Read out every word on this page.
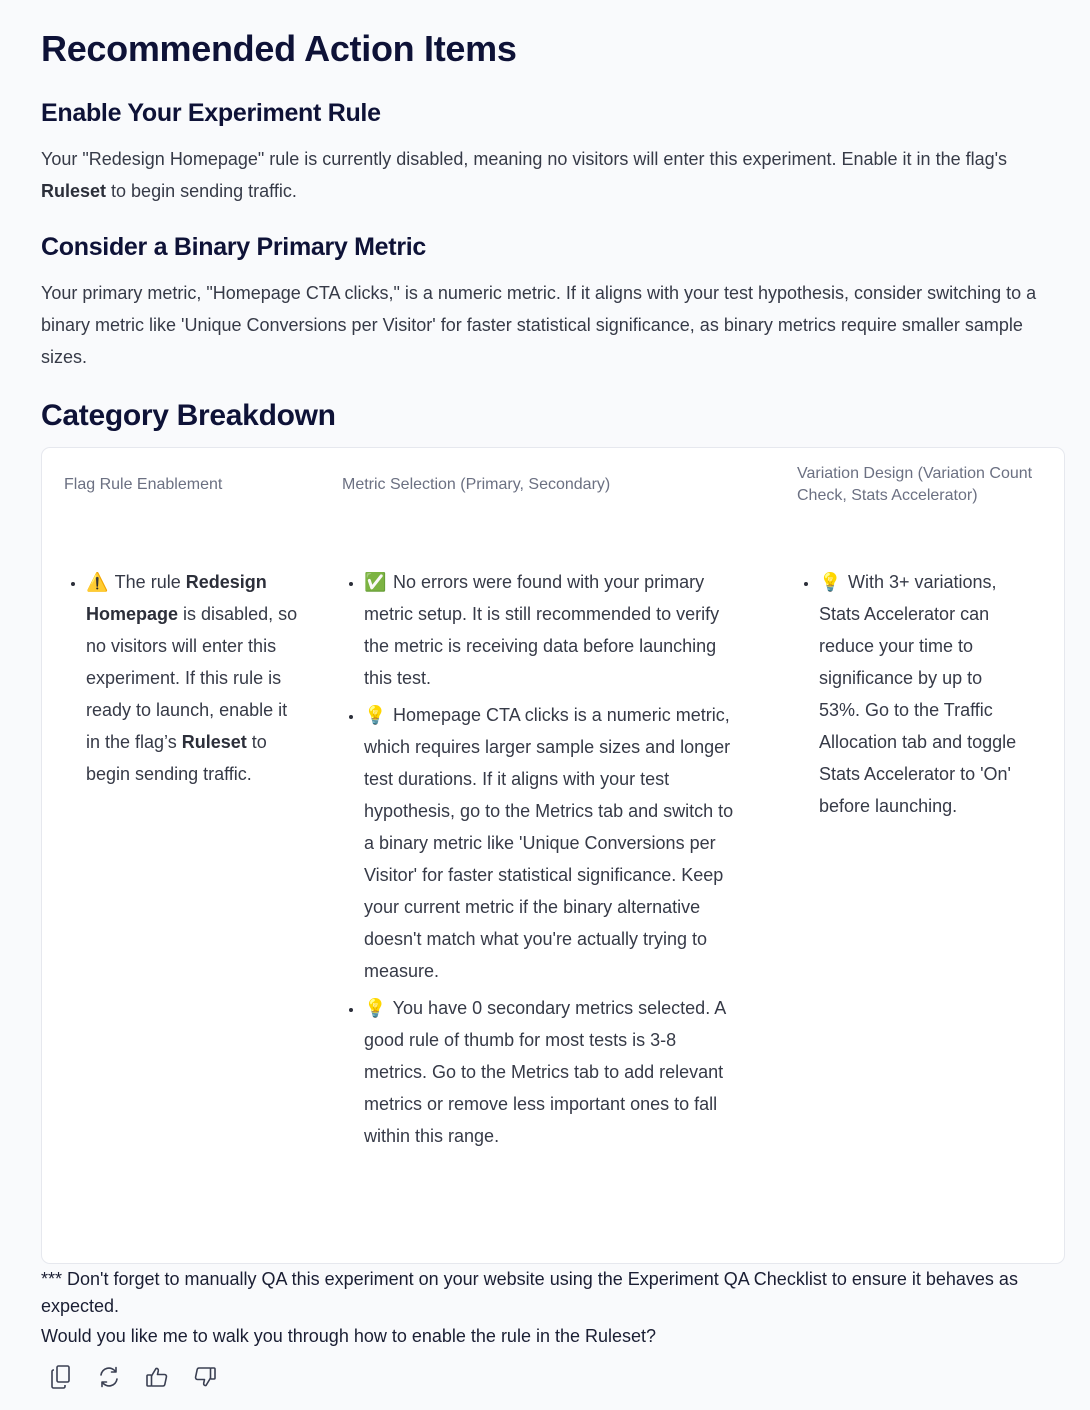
Recommended Action Items
Enable Your Experiment Rule

Your "Redesign Homepage" rule is currently disabled, meaning no visitors will enter this experiment. Enable it in the flag's Ruleset to begin sending traffic.

Consider a Binary Primary Metric

Your primary metric, "Homepage CTA clicks," is a numeric metric. If it aligns with your test hypothesis, consider switching to a binary metric like 'Unique Conversions per Visitor' for faster statistical significance, as binary metrics require smaller sample sizes.

Category Breakdown
Flag Rule Enablement	Metric Selection (Primary, Secondary)
Variation Design (Variation Count Check, Stats Accelerator)
• ⚠️ The rule Redesign Homepage is disabled, so no visitors will enter this experiment. If this rule is ready to launch, enable it in the flag’s Ruleset to begin sending traffic.
• ✅ No errors were found with your primary metric setup. It is still recommended to verify the metric is receiving data before launching this test.
• 💡 Homepage CTA clicks is a numeric metric, which requires larger sample sizes and longer test durations. If it aligns with your test hypothesis, go to the Metrics tab and switch to a binary metric like 'Unique Conversions per Visitor' for faster statistical significance. Keep your current metric if the binary alternative doesn't match what you're actually trying to measure.
• 💡 You have 0 secondary metrics selected. A good rule of thumb for most tests is 3-8 metrics. Go to the Metrics tab to add relevant metrics or remove less important ones to fall within this range.
• 💡 With 3+ variations, Stats Accelerator can reduce your time to significance by up to 53%. Go to the Traffic Allocation tab and toggle Stats Accelerator to 'On' before launching.
*** Don't forget to manually QA this experiment on your website using the Experiment QA Checklist to ensure it behaves as expected.
Would you like me to walk you through how to enable the rule in the Ruleset?
